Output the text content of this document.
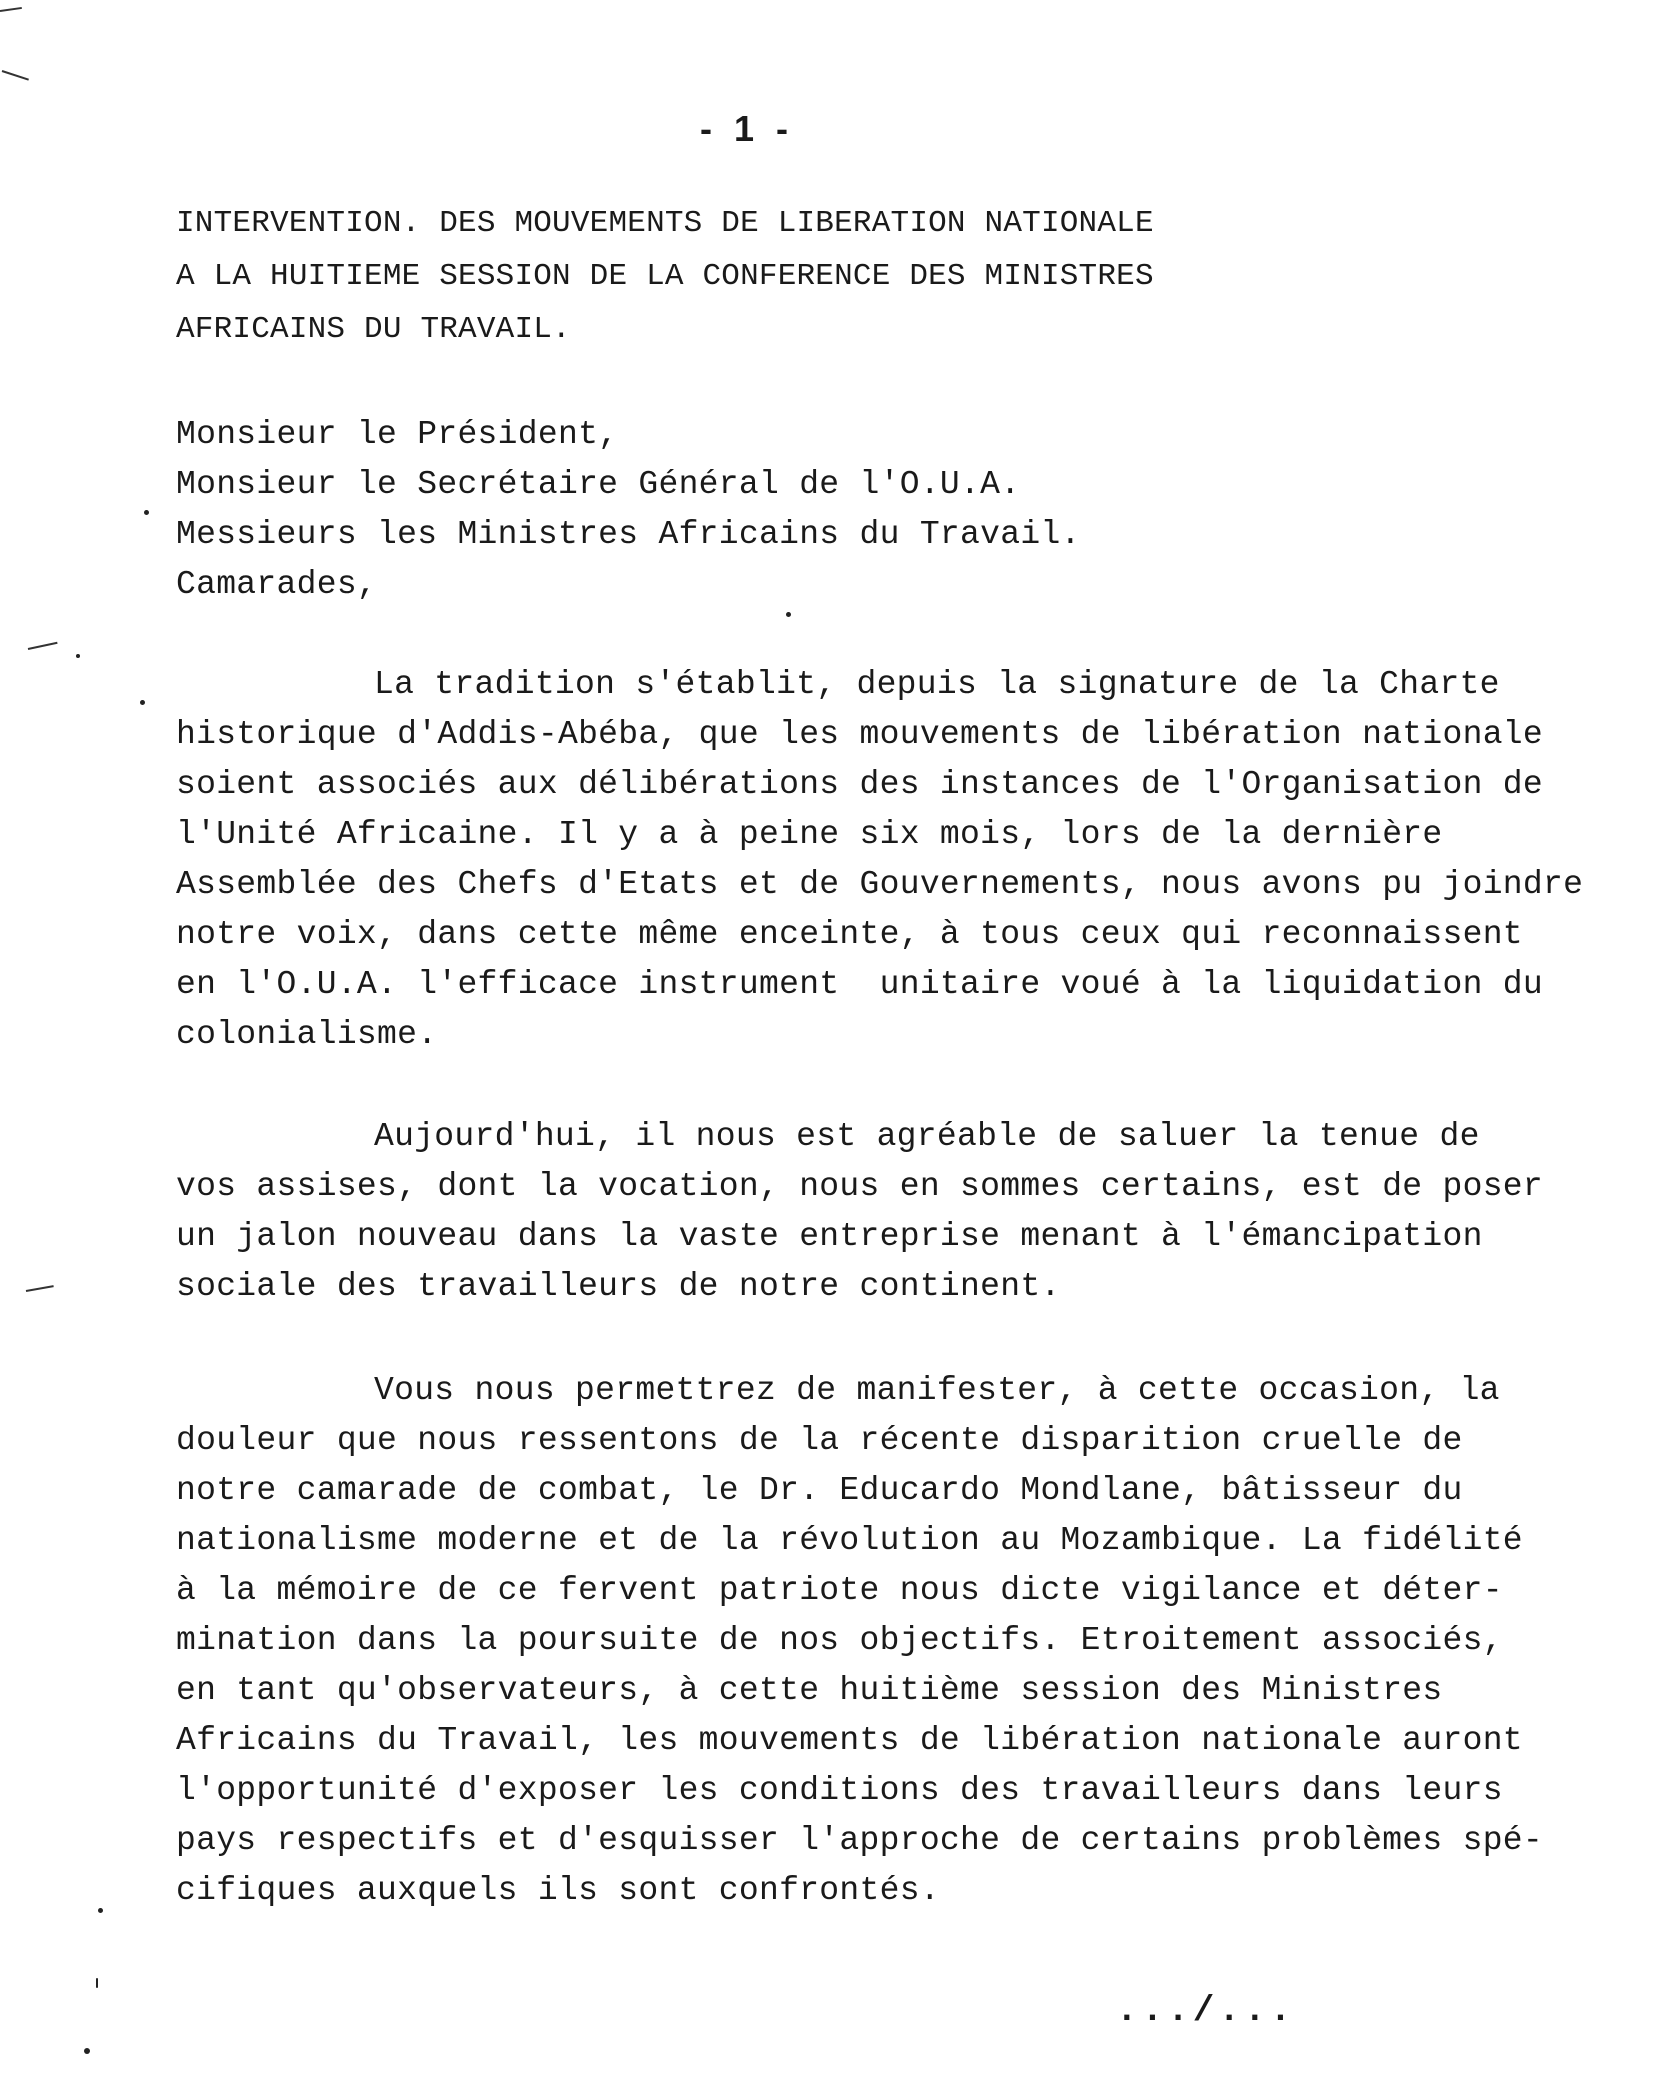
- 1 -
INTERVENTION. DES MOUVEMENTS DE LIBERATION NATIONALE
A LA HUITIEME SESSION DE LA CONFERENCE DES MINISTRES
AFRICAINS DU TRAVAIL.
Monsieur le Président,
Monsieur le Secrétaire Général de l'O.U.A.
Messieurs les Ministres Africains du Travail.
Camarades,
La tradition s'établit, depuis la signature de la Charte
historique d'Addis-Abéba, que les mouvements de libération nationale
soient associés aux délibérations des instances de l'Organisation de
l'Unité Africaine. Il y a à peine six mois, lors de la dernière
Assemblée des Chefs d'Etats et de Gouvernements, nous avons pu joindre
notre voix, dans cette même enceinte, à tous ceux qui reconnaissent
en l'O.U.A. l'efficace instrument  unitaire voué à la liquidation du
colonialisme.
Aujourd'hui, il nous est agréable de saluer la tenue de
vos assises, dont la vocation, nous en sommes certains, est de poser
un jalon nouveau dans la vaste entreprise menant à l'émancipation
sociale des travailleurs de notre continent.
Vous nous permettrez de manifester, à cette occasion, la
douleur que nous ressentons de la récente disparition cruelle de
notre camarade de combat, le Dr. Educardo Mondlane, bâtisseur du
nationalisme moderne et de la révolution au Mozambique. La fidélité
à la mémoire de ce fervent patriote nous dicte vigilance et déter-
mination dans la poursuite de nos objectifs. Etroitement associés,
en tant qu'observateurs, à cette huitième session des Ministres
Africains du Travail, les mouvements de libération nationale auront
l'opportunité d'exposer les conditions des travailleurs dans leurs
pays respectifs et d'esquisser l'approche de certains problèmes spé-
cifiques auxquels ils sont confrontés.
.../...
